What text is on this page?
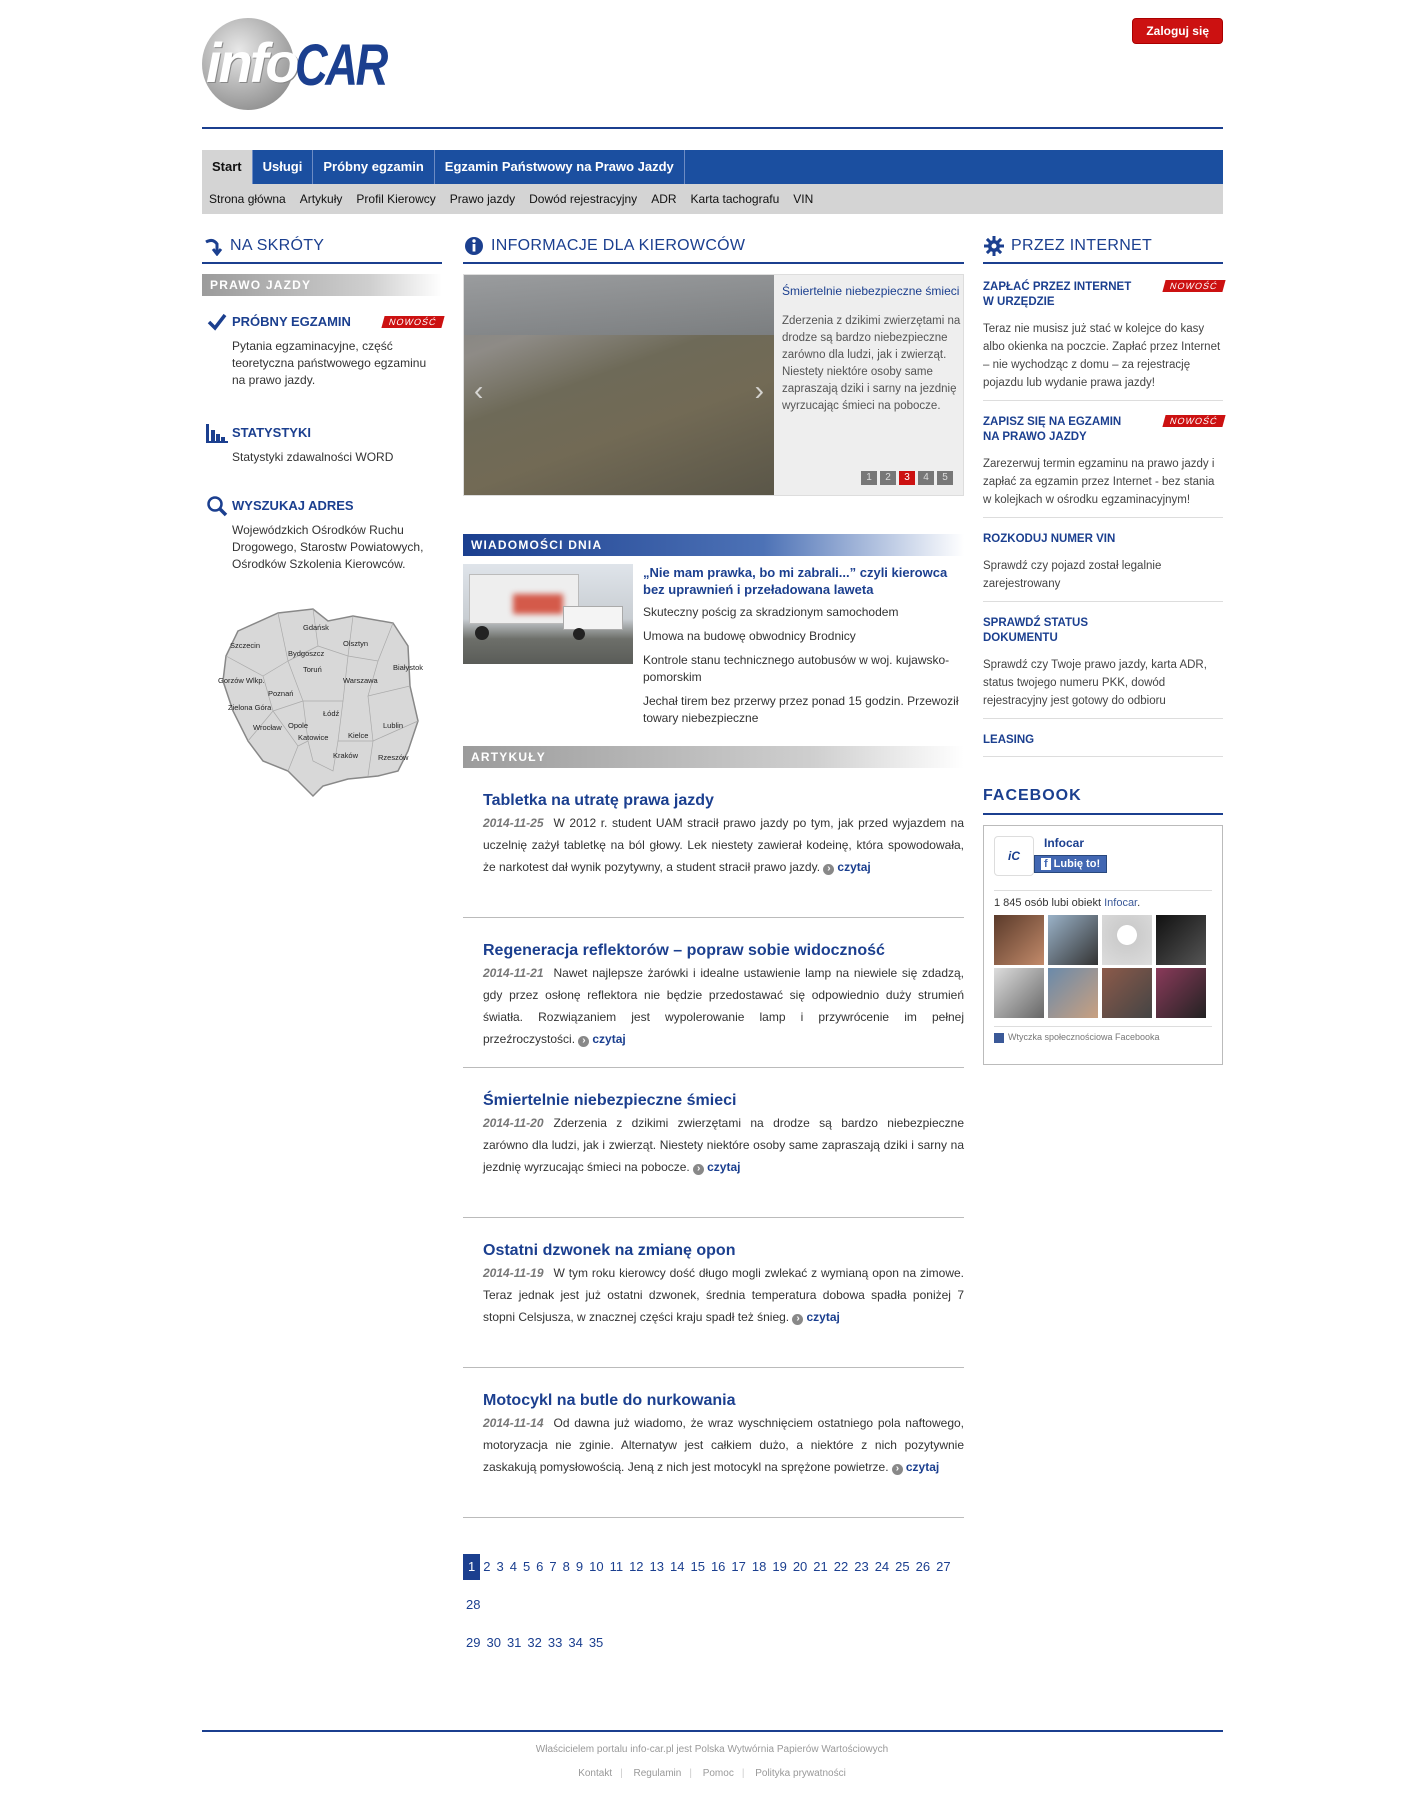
info
CAR
Zaloguj się
Start	Usługi	Próbny egzamin	Egzamin Państwowy na Prawo Jazdy
Strona główna	Artykuły	Profil Kierowcy	Prawo jazdy	Dowód rejestracyjny	ADR	Karta tachografu	VIN
NA SKRÓTY
PRAWO JAZDY
PRÓBNY EGZAMIN	NOWOŚĆ
Pytania egzaminacyjne, część teoretyczna państwowego egzaminu na prawo jazdy.
STATYSTYKI
Statystyki zdawalności WORD
WYSZUKAJ ADRES
Wojewódzkich Ośrodków Ruchu Drogowego, Starostw Powiatowych, Ośrodków Szkolenia Kierowców.
Gdańsk
Szczecin	Olsztyn
Bydgoszcz
Toruń	Białystok
Gorzów Wlkp.	Warszawa
Poznań
Zielona Góra
Łódź
Wrocław Opole	Lublin
Katowice	Kielce
Kraków	Rzeszów
INFORMACJE DLA KIEROWCÓW
‹	›
Śmiertelnie niebezpieczne śmieci
Zderzenia z dzikimi zwierzętami na drodze są bardzo niebezpieczne zarówno dla ludzi, jak i zwierząt. Niestety niektóre osoby same zapraszają dziki i sarny na jezdnię wyrzucając śmieci na pobocze.
1	2	3	4	5
WIADOMOŚCI DNIA
„Nie mam prawka, bo mi zabrali...” czyli kierowca bez uprawnień i przeładowana laweta
Skuteczny pościg za skradzionym samochodem
Umowa na budowę obwodnicy Brodnicy
Kontrole stanu technicznego autobusów w woj. kujawsko-pomorskim
Jechał tirem bez przerwy przez ponad 15 godzin. Przewoził towary niebezpieczne
ARTYKUŁY
Tabletka na utratę prawa jazdy
2014-11-25 W 2012 r. student UAM stracił prawo jazdy po tym, jak przed wyjazdem na uczelnię zażył tabletkę na ból głowy. Lek niestety zawierał kodeinę, która spowodowała, że narkotest dał wynik pozytywny, a student stracił prawo jazdy. › czytaj
Regeneracja reflektorów – popraw sobie widoczność
2014-11-21 Nawet najlepsze żarówki i idealne ustawienie lamp na niewiele się zdadzą, gdy przez osłonę reflektora nie będzie przedostawać się odpowiednio duży strumień światła. Rozwiązaniem jest wypolerowanie lamp i przywrócenie im pełnej przeźroczystości. › czytaj
Śmiertelnie niebezpieczne śmieci
2014-11-20 Zderzenia z dzikimi zwierzętami na drodze są bardzo niebezpieczne zarówno dla ludzi, jak i zwierząt. Niestety niektóre osoby same zapraszają dziki i sarny na jezdnię wyrzucając śmieci na pobocze. › czytaj
Ostatni dzwonek na zmianę opon
2014-11-19 W tym roku kierowcy dość długo mogli zwlekać z wymianą opon na zimowe. Teraz jednak jest już ostatni dzwonek, średnia temperatura dobowa spadła poniżej 7 stopni Celsjusza, w znacznej części kraju spadł też śnieg. › czytaj
Motocykl na butle do nurkowania
2014-11-14 Od dawna już wiadomo, że wraz wyschnięciem ostatniego pola naftowego, motoryzacja nie zginie. Alternatyw jest całkiem dużo, a niektóre z nich pozytywnie zaskakują pomysłowością. Jeną z nich jest motocykl na sprężone powietrze. › czytaj
1 2 3 4 5 6 7 8 9 10 11 12 13 14 15 16 17 18 19 20 21 22 23 24 25 26 2728
29 30 31 32 33 34 35
PRZEZ INTERNET
ZAPŁAĆ PRZEZ INTERNET W URZĘDZIE
NOWOŚĆ
Teraz nie musisz już stać w kolejce do kasy albo okienka na poczcie. Zapłać przez Internet – nie wychodząc z domu – za rejestrację pojazdu lub wydanie prawa jazdy!
ZAPISZ SIĘ NA EGZAMIN NA PRAWO JAZDY
NOWOŚĆ
Zarezerwuj termin egzaminu na prawo jazdy i zapłać za egzamin przez Internet - bez stania w kolejkach w ośrodku egzaminacyjnym!
ROZKODUJ NUMER VIN
Sprawdź czy pojazd został legalnie zarejestrowany
SPRAWDŹ STATUS DOKUMENTU
Sprawdź czy Twoje prawo jazdy, karta ADR, status twojego numeru PKK, dowód rejestracyjny jest gotowy do odbioru
LEASING
FACEBOOK
iC
Infocar
f Lubię to!
1 845 osób lubi obiekt Infocar.
Wtyczka społecznościowa Facebooka
Właścicielem portalu info-car.pl jest Polska Wytwórnia Papierów Wartościowych
Kontakt | Regulamin | Pomoc | Polityka prywatności
